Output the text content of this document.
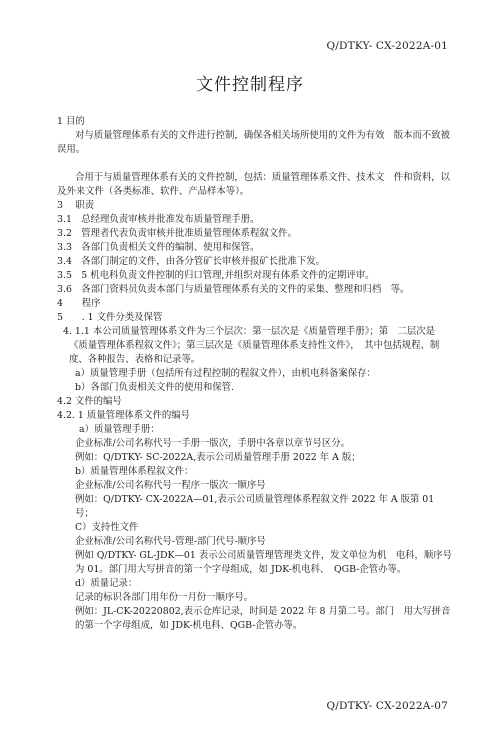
Q/DTKY- CX-2022A-01
文件控制程序

1 目的

对与质量管理体系有关的文件进行控制，确保各相关场所使用的文件为有效　版本而不致被误用。

合用于与质量管理体系有关的文件控制，包括：质量管理体系文件、技术文　件和资料，以及外来文件（各类标准、软件、产品样本等）。

3　 职责

3.1　总经理负责审核并批准发布质量管理手册。

3.2　管理者代表负责审核并批准质量管理体系程叙文件。

3.3　各部门负责相关文件的编制、使用和保管。

3.4　各部门制定的文件，由各分管矿长审核并报矿长批准下发。

3.5　5 机电科负责文件控制的归口管理,并组织对现有体系文件的定期评审。

3.6　各部门资料员负责本部门与质量管理体系有关的文件的采集、整理和归档　等。

4　　程序

5　　. 1 文件分类及保管

4. 1.1 本公司质量管理体系文件为三个层次：第一层次是《质量管理手册》；第　二层次是《质量管理体系程叙文件》；第三层次是《质量管理体系支持性文件》，　其中包括规程、制度、各种报告、表格和记录等。

a）质量管理手册（包括所有过程控制的程叙文件），由机电科备案保存：

b）各部门负责相关文件的使用和保管.

4.2 文件的编号

4.2. 1 质量管理体系文件的编号

a）质量管理手册：

企业标准/公司名称代号一手册一版次，手册中各章以章节号区分。

例如：Q/DTKY- SC-2022A,表示公司质量管理手册 2022 年 A 版；

b）质量管理体系程叙文件：

企业标准/公司名称代号一程序一版次一顺序号

例如：Q/DTKY- CX-2022A—01,表示公司质量管理体系程叙文件 2022 年 A 版第 01 号；

C）支持性文件

企业标准/公司名称代号-管理-部门代号-顺序号

例如 Q/DTKY- GL-JDK—01 表示公司质量管理管理类文件，发文单位为机　电科，顺序号为 01。部门用大写拼音的第一个字母组成，如 JDK-机电科、　QGB-企管办等。

d）质量记录：

记录的标识各部门用年份一月份一顺序号。

例如：JL-CK-20220802,表示仓库记录，时间是 2022 年 8 月第二号。部门　用大写拼音的第一个字母组成，如 JDK-机电科、QGB-企管办等。

Q/DTKY- CX-2022A-07
